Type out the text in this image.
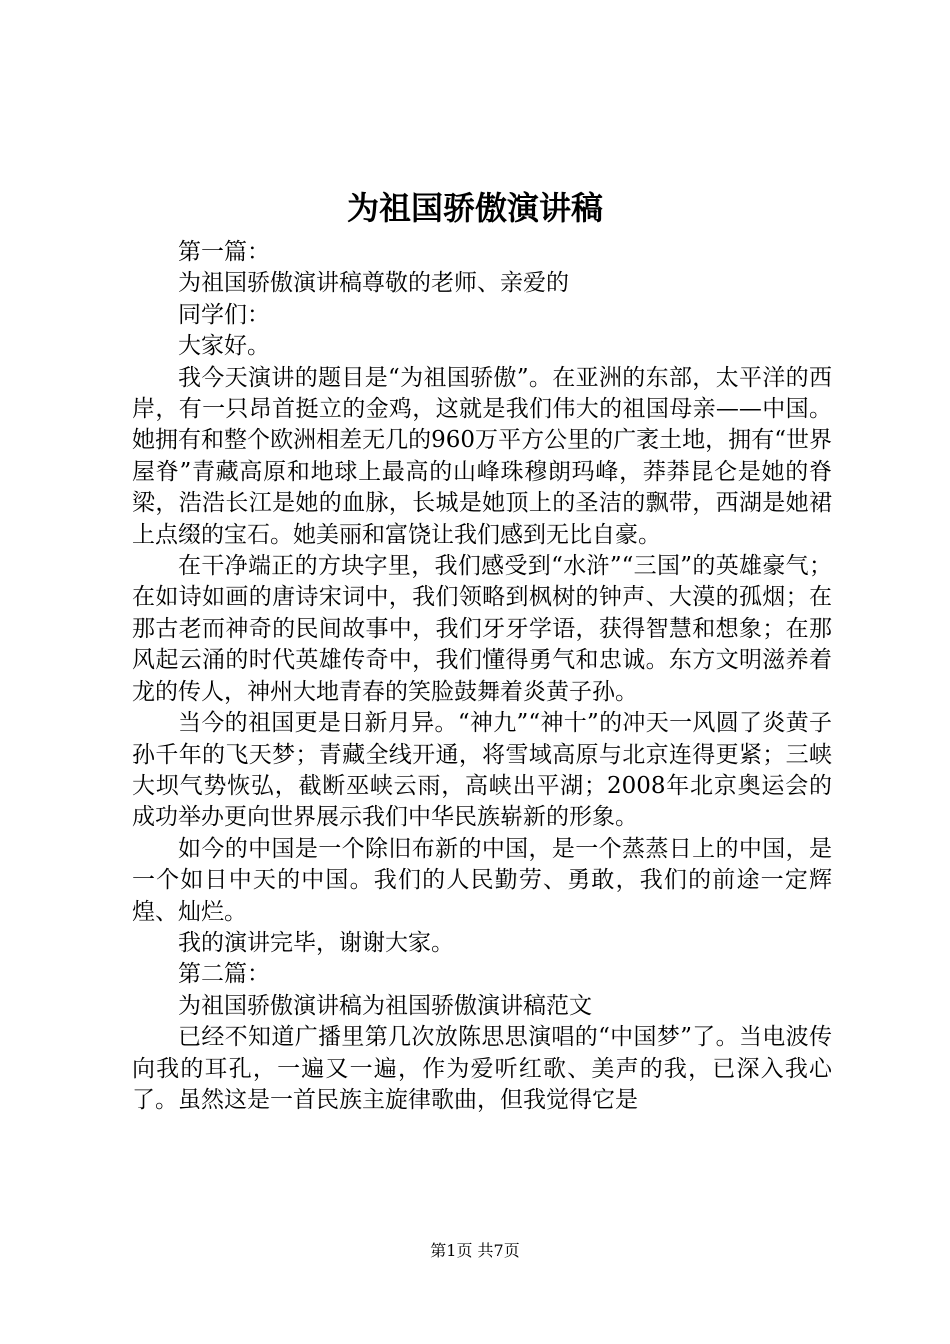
为祖国骄傲演讲稿

第一篇：

为祖国骄傲演讲稿尊敬的老师、亲爱的

同学们：

大家好。

我今天演讲的题目是“为祖国骄傲”。在亚洲的东部，太平洋的西岸，有一只昂首挺立的金鸡，这就是我们伟大的祖国母亲——中国。她拥有和整个欧洲相差无几的960万平方公里的广袤土地，拥有“世界屋脊”青藏高原和地球上最高的山峰珠穆朗玛峰，莽莽昆仑是她的脊梁，浩浩长江是她的血脉，长城是她顶上的圣洁的飘带，西湖是她裙上点缀的宝石。她美丽和富饶让我们感到无比自豪。

在干净端正的方块字里，我们感受到“水浒”“三国”的英雄豪气；在如诗如画的唐诗宋词中，我们领略到枫树的钟声、大漠的孤烟；在那古老而神奇的民间故事中，我们牙牙学语，获得智慧和想象；在那风起云涌的时代英雄传奇中，我们懂得勇气和忠诚。东方文明滋养着龙的传人，神州大地青春的笑脸鼓舞着炎黄子孙。

当今的祖国更是日新月异。“神九”“神十”的冲天一风圆了炎黄子孙千年的飞天梦；青藏全线开通，将雪域高原与北京连得更紧；三峡大坝气势恢弘，截断巫峡云雨，高峡出平湖；2008年北京奥运会的成功举办更向世界展示我们中华民族崭新的形象。

如今的中国是一个除旧布新的中国，是一个蒸蒸日上的中国，是一个如日中天的中国。我们的人民勤劳、勇敢，我们的前途一定辉煌、灿烂。

我的演讲完毕，谢谢大家。

第二篇：

为祖国骄傲演讲稿为祖国骄傲演讲稿范文

已经不知道广播里第几次放陈思思演唱的“中国梦”了。当电波传向我的耳孔，一遍又一遍，作为爱听红歌、美声的我，已深入我心了。虽然这是一首民族主旋律歌曲，但我觉得它是

第1页 共7页
